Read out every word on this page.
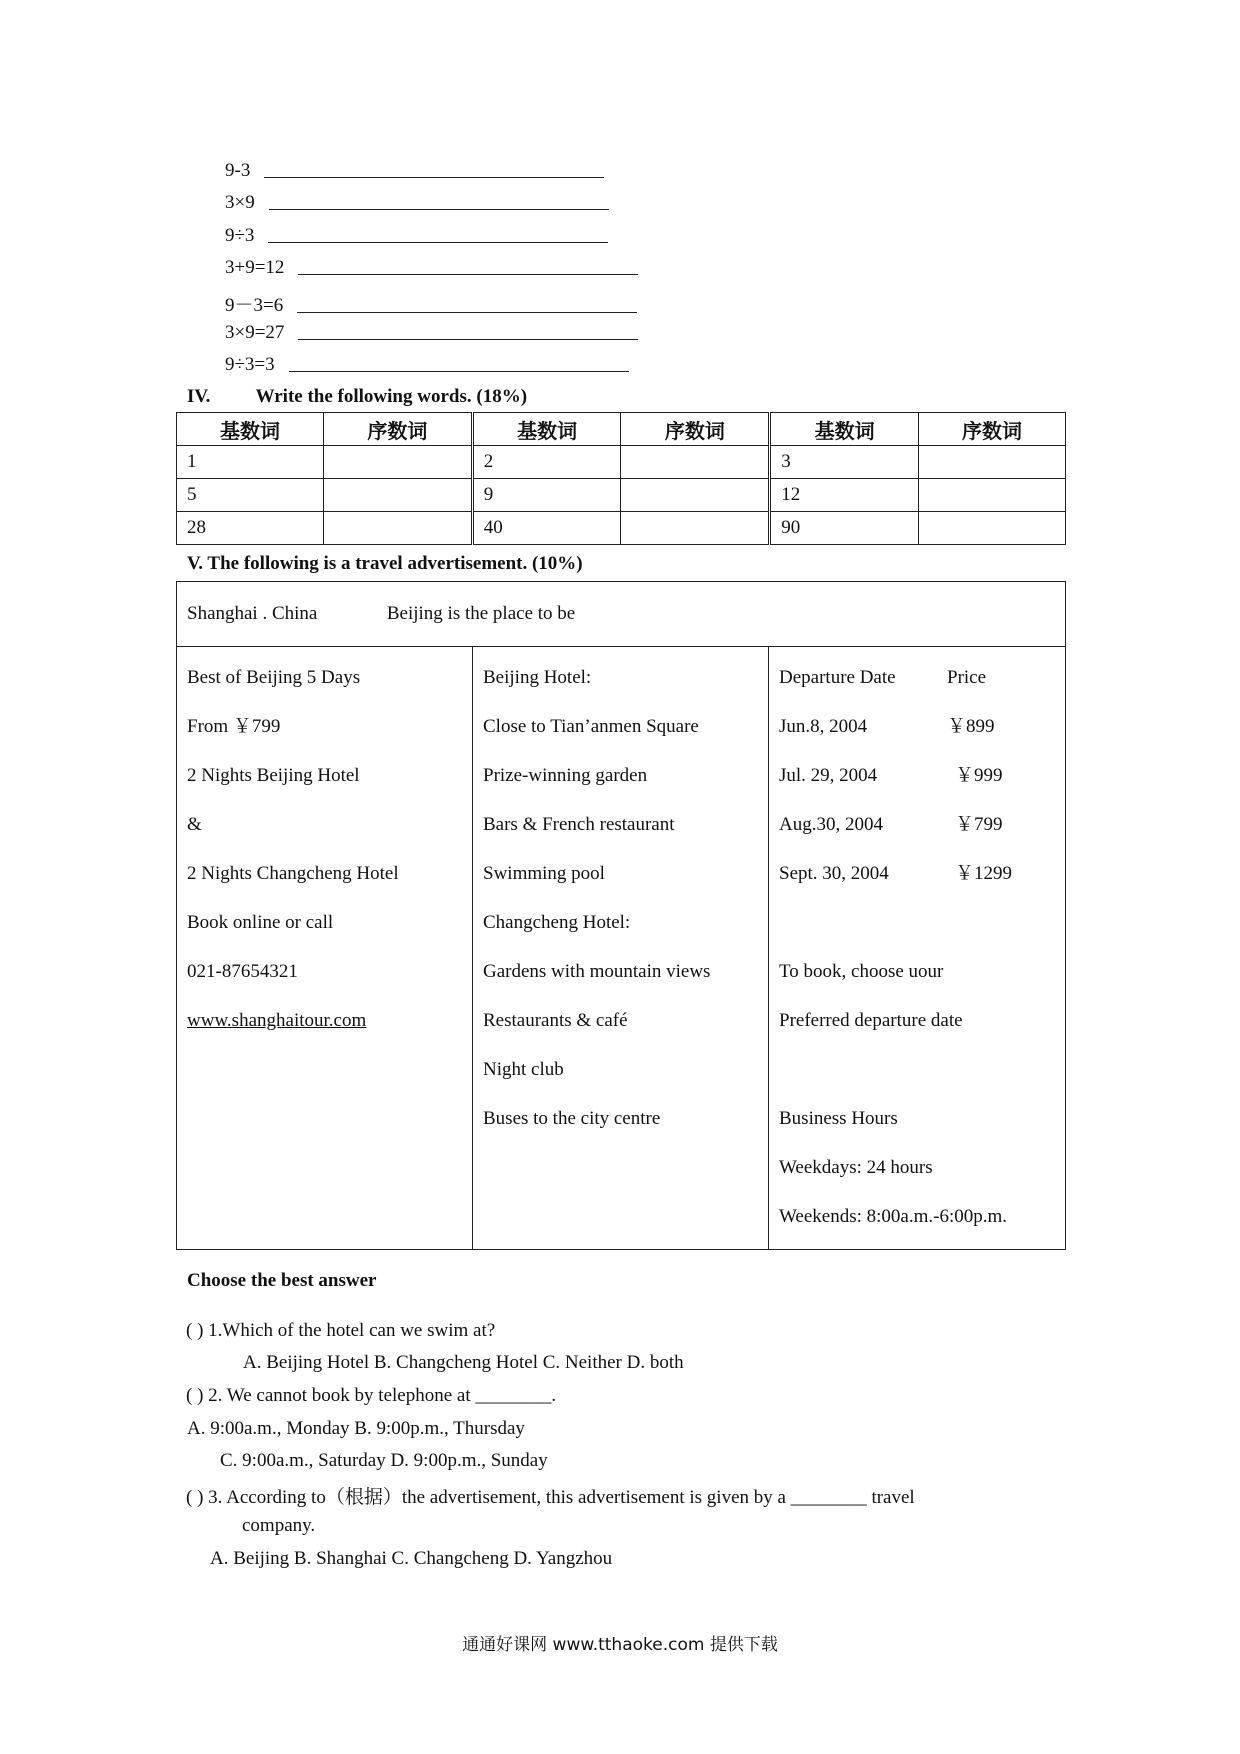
9-3
3×9
9÷3
3+9=12
9－3=6
3×9=27
9÷3=3
IV. Write the following words. (18%)
基数词	序数词	基数词	序数词	基数词	序数词
1		2		3	
5		9		12	
28		40		90	
V. The following is a travel advertisement. (10%)
Shanghai . China	Beijing is the place to be

Best of Beijing 5 Days
From ￥799
2 Nights Beijing Hotel
&
2 Nights Changcheng Hotel
Book online or call
021-87654321
www.shanghaitour.com

Beijing Hotel:
Close to Tian’anmen Square
Prize-winning garden
Bars & French restaurant
Swimming pool
Changcheng Hotel:
Gardens with mountain views
Restaurants & café
Night club
Buses to the city centre

Departure Date	Price
Jun.8, 2004	￥899
Jul. 29, 2004	￥999
Aug.30, 2004	￥799
Sept. 30, 2004	￥1299
To book, choose uour
Preferred departure date
Business Hours
Weekdays: 24 hours
Weekends: 8:00a.m.-6:00p.m.
Choose the best answer
( ) 1.Which of the hotel can we swim at?
A. Beijing Hotel B. Changcheng Hotel C. Neither D. both
( ) 2. We cannot book by telephone at ________.
A. 9:00a.m., Monday B. 9:00p.m., Thursday
C. 9:00a.m., Saturday D. 9:00p.m., Sunday
( ) 3. According to（根据）the advertisement, this advertisement is given by a ________ travel
company.
A. Beijing B. Shanghai C. Changcheng D. Yangzhou
通通好课网 www.tthaoke.com 提供下载
